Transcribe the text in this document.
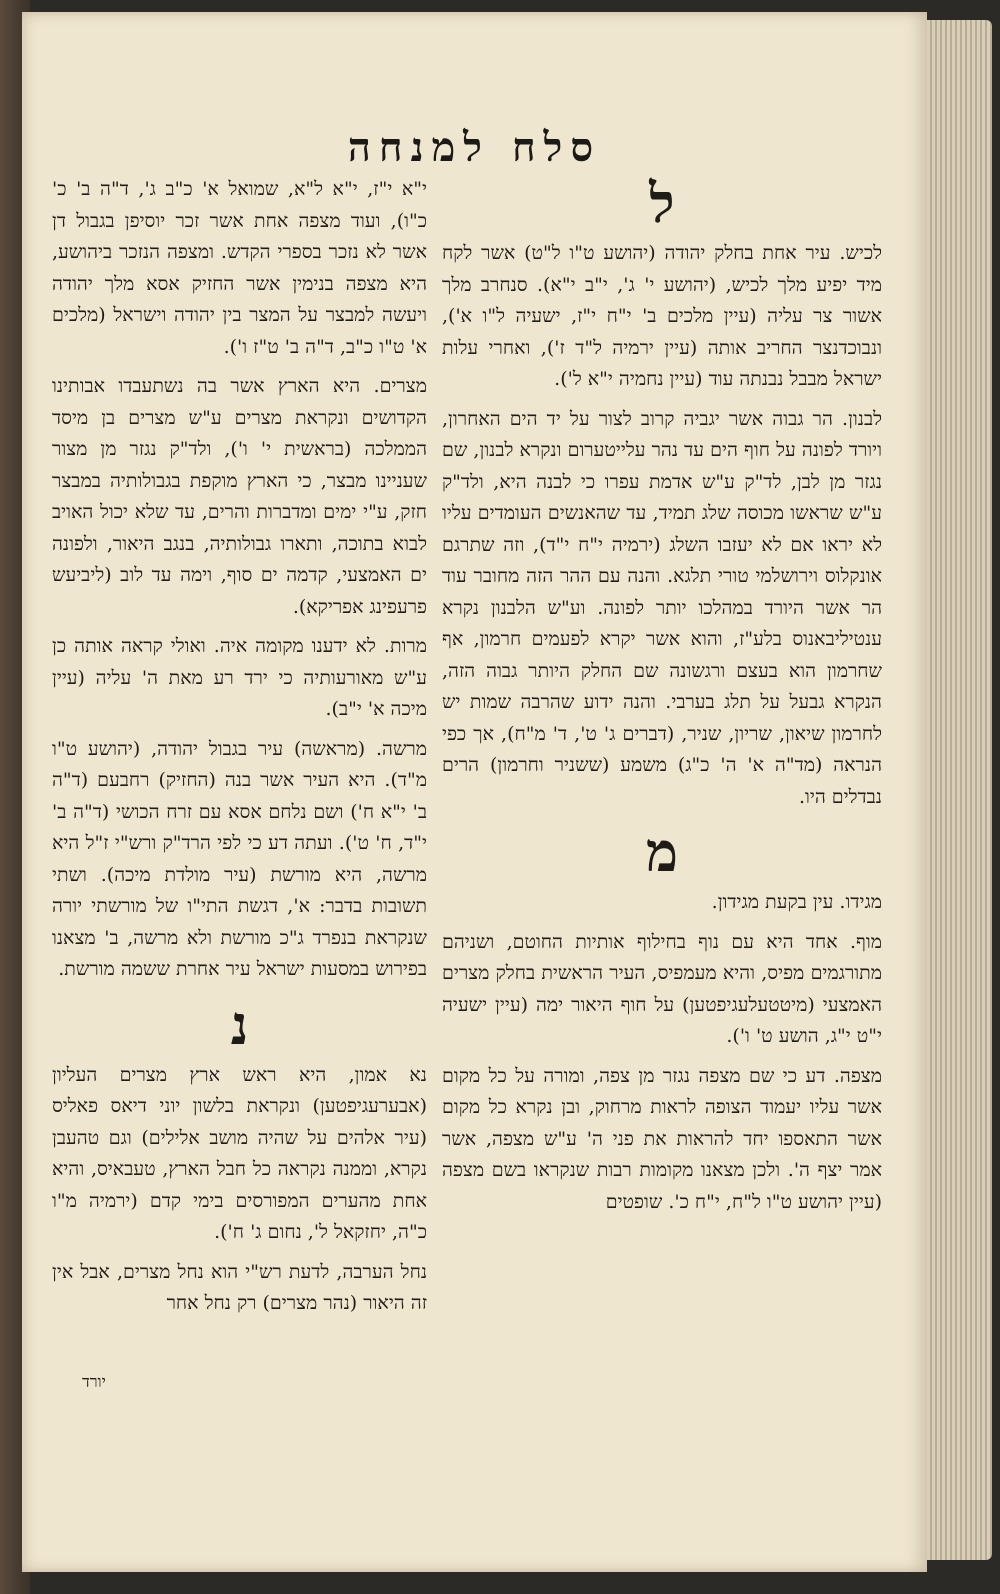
סלח למנחה
ל

לכיש. עיר אחת בחלק יהודה (יהושע ט"ו ל"ט) אשר לקח מיד יפיע מלך לכיש, (יהושע י' ג', י"ב י"א). סנחרב מלך אשור צר עליה (עיין מלכים ב' י"ח י"ז, ישעיה ל"ו א'), ונבוכדנצר החריב אותה (עיין ירמיה ל"ד ז'), ואחרי עלות ישראל מבבל נבנתה עוד (עיין נחמיה י"א ל').

לבנון. הר גבוה אשר יגביה קרוב לצור על יד הים האחרון, ויורד לפונה על חוף הים עד נהר עלייטערום ונקרא לבנון, שם נגזר מן לבן, לד"ק ע"ש אדמת עפרו כי לבנה היא, ולד"ק ע"ש שראשו מכוסה שלג תמיד, עד שהאנשים העומדים עליו לא יראו אם לא יעזבו השלג (ירמיה י"ח י"ד), וזה שתרגם אונקלוס וירושלמי טורי תלגא. והנה עם ההר הזה מחובר עוד הר אשר היורד במהלכו יותר לפונה. וע"ש הלבנון נקרא ענטיליבאנוס בלע"ז, והוא אשר יקרא לפעמים חרמון, אף שחרמון הוא בעצם ורגשונה שם החלק היותר גבוה הזה, הנקרא גבעל על תלג בערבי. והנה ידוע שהרבה שמות יש לחרמון שיאון, שריון, שניר, (דברים ג' ט', ד' מ"ח), אך כפי הנראה (מד"ה א' ה' כ"ג) משמע (ששניר וחרמון) הרים נבדלים היו.

מ

מגידו. עין בקעת מגידון.

מוף. אחד היא עם נוף בחילוף אותיות החוטם, ושניהם מתורגמים מפיס, והיא מעמפיס, העיר הראשית בחלק מצרים האמצעי (מיטטעלעגיפטען) על חוף היאור ימה (עיין ישעיה י"ט י"ג, הושע ט' ו').

מצפה. דע כי שם מצפה נגזר מן צפה, ומורה על כל מקום אשר עליו יעמוד הצופה לראות מרחוק, ובן נקרא כל מקום אשר התאספו יחד להראות את פני ה' ע"ש מצפה, אשר אמר יצף ה'. ולכן מצאנו מקומות רבות שנקראו בשם מצפה (עיין יהושע ט"ו ל"ח, י"ח כ'. שופטים

י"א י"ז, י"א ל"א, שמואל א' כ"ב ג', ד"ה ב' כ' כ"ו), ועוד מצפה אחת אשר זכר יוסיפן בגבול דן אשר לא נזכר בספרי הקדש. ומצפה הנזכר ביהושע, היא מצפה בנימין אשר החזיק אסא מלך יהודה ויעשה למבצר על המצר בין יהודה וישראל (מלכים א' ט"ו כ"ב, ד"ה ב' ט"ז ו').

מצרים. היא הארץ אשר בה נשתעבדו אבותינו הקדושים ונקראת מצרים ע"ש מצרים בן מיסד הממלכה (בראשית י' ו'), ולד"ק נגזר מן מצור שעניינו מבצר, כי הארץ מוקפת בגבולותיה במבצר חזק, ע"י ימים ומדברות והרים, עד שלא יכול האויב לבוא בתוכה, ותארו גבולותיה, בנגב היאור, ולפונה ים האמצעי, קדמה ים סוף, וימה עד לוב (ליביעש פרעפינג אפריקא).

מרות. לא ידענו מקומה איה. ואולי קראה אותה כן ע"ש מאורעותיה כי ירד רע מאת ה' עליה (עיין מיכה א' י"ב).

מרשה. (מראשה) עיר בגבול יהודה, (יהושע ט"ו מ"ד). היא העיר אשר בנה (החזיק) רחבעם (ד"ה ב' י"א ח') ושם נלחם אסא עם זרח הכושי (ד"ה ב' י"ד, ח' ט'). ועתה דע כי לפי הרד"ק ורש"י ז"ל היא מרשה, היא מורשת (עיר מולדת מיכה). ושתי תשובות בדבר: א', דגשת התי"ו של מורשתי יורה שנקראת בנפרד ג"כ מורשת ולא מרשה, ב' מצאנו בפירוש במסעות ישראל עיר אחרת ששמה מורשת.

נ

נא אמון, היא ראש ארץ מצרים העליון (אבערעגיפטען) ונקראת בלשון יוני דיאס פאליס (עיר אלהים על שהיה מושב אלילים) וגם טהעבן נקרא, וממנה נקראה כל חבל הארץ, טעבאיס, והיא אחת מהערים המפורסים בימי קדם (ירמיה מ"ו כ"ה, יחזקאל ל', נחום ג' ח').

נחל הערבה, לדעת רש"י הוא נחל מצרים, אבל אין זה היאור (נהר מצרים) רק נחל אחר

יורד
